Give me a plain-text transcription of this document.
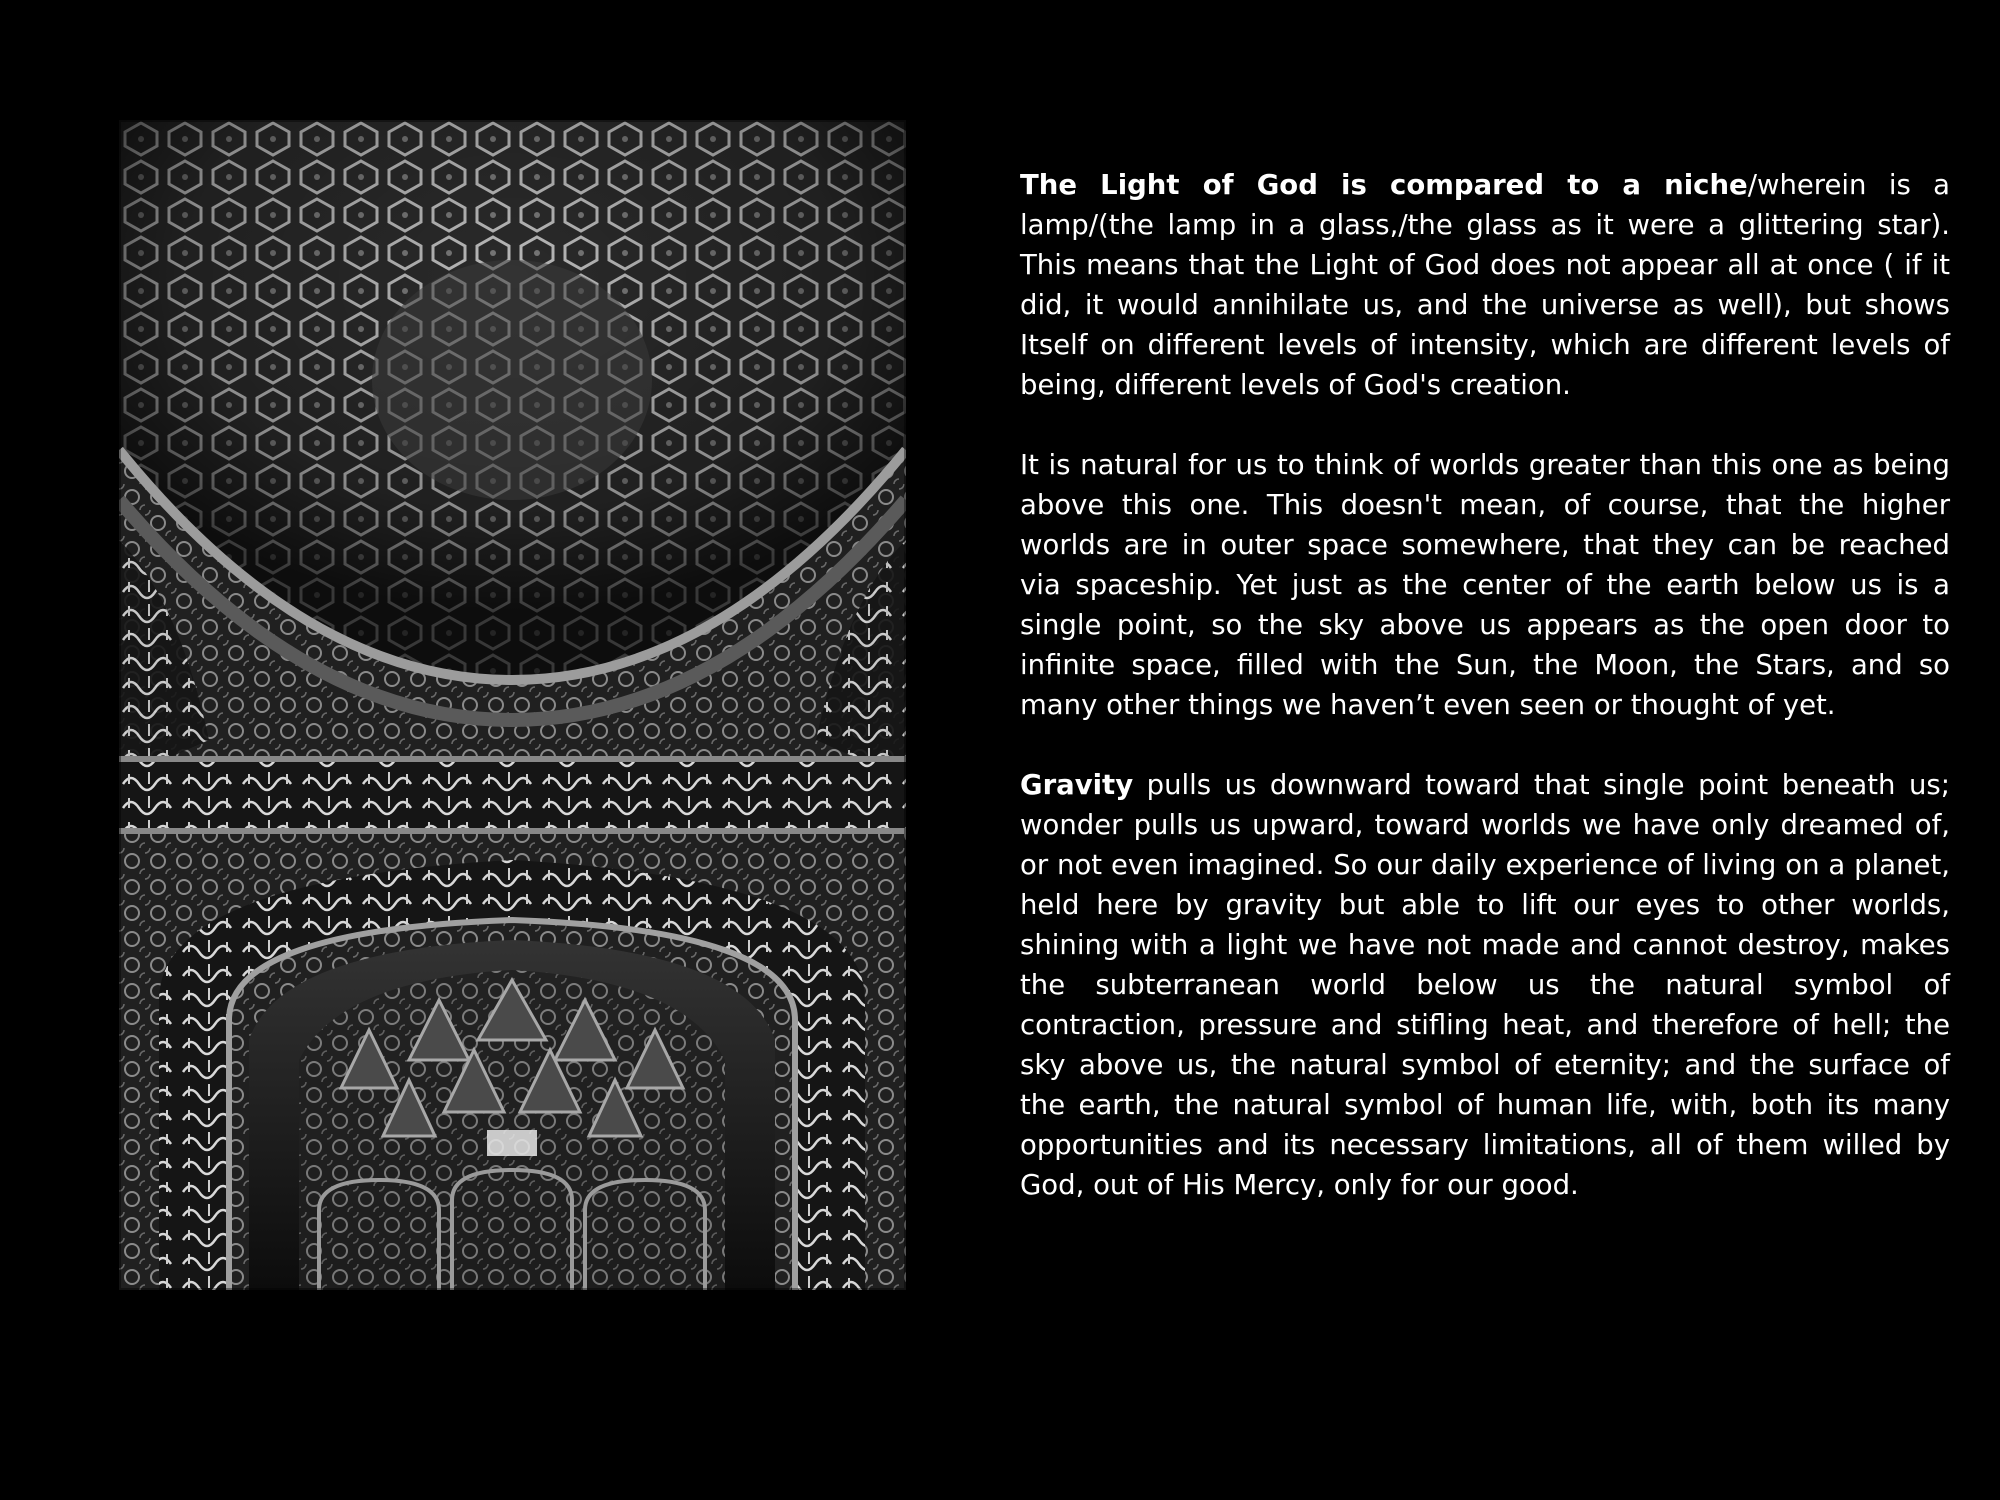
The Light of God is compared to a niche/wherein is a lamp/(the lamp in a glass,/the glass as it were a glittering star). This means that the Light of God does not appear all at once ( if it did, it would annihilate us, and the universe as well), but shows Itself on different levels of intensity, which are different levels of being, different levels of God's creation.

It is natural for us to think of worlds greater than this one as being above this one. This doesn't mean, of course, that the higher worlds are in outer space somewhere, that they can be reached via spaceship. Yet just as the center of the earth below us is a single point, so the sky above us appears as the open door to infinite space, filled with the Sun, the Moon, the Stars, and so many other things we haven’t even seen or thought of yet.

Gravity pulls us downward toward that single point beneath us; wonder pulls us upward, toward worlds we have only dreamed of, or not even imagined. So our daily experience of living on a planet, held here by gravity but able to lift our eyes to other worlds, shining with a light we have not made and cannot destroy, makes the subterranean world below us the natural symbol of contraction, pressure and stifling heat, and therefore of hell; the sky above us, the natural symbol of eternity; and the surface of the earth, the natural symbol of human life, with, both its many opportunities and its necessary limitations, all of them willed by God, out of His Mercy, only for our good.
